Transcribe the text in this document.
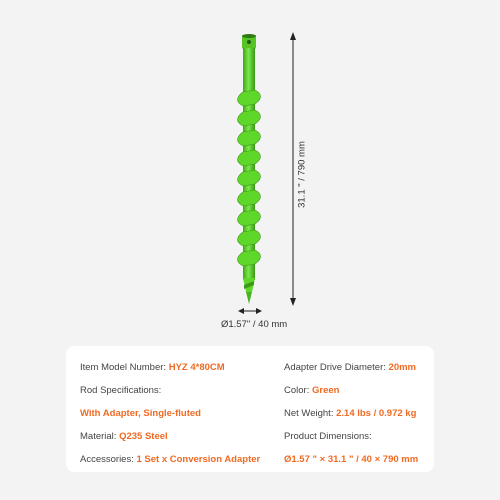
31.1 " / 790 mm
Ø1.57" / 40 mm
Item Model Number: HYZ 4*80CM
Rod Specifications:
With Adapter, Single-fluted
Material: Q235 Steel
Accessories: 1 Set x Conversion Adapter
Adapter Drive Diameter: 20mm
Color: Green
Net Weight: 2.14 lbs / 0.972 kg
Product Dimensions:
Ø1.57 " × 31.1 " / 40 × 790 mm
